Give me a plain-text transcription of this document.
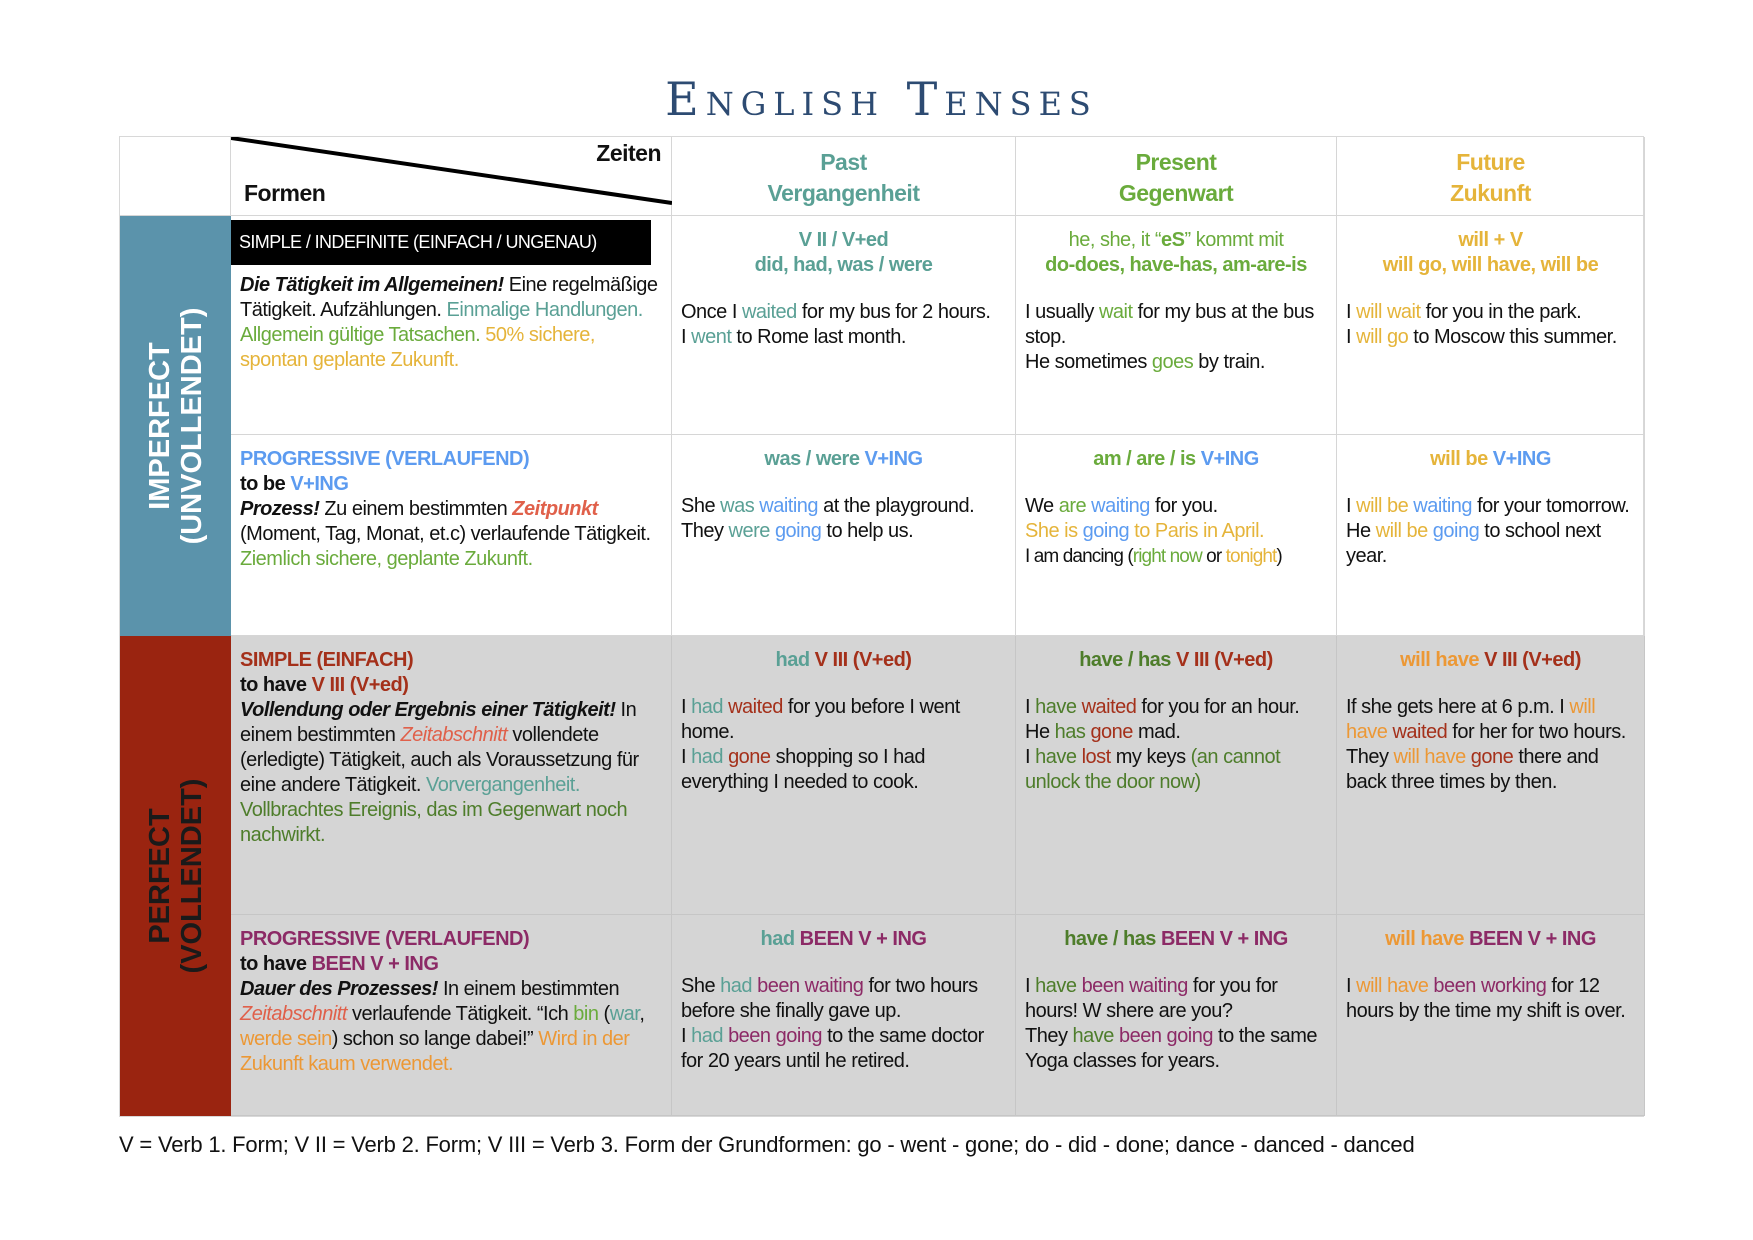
English Tenses
Zeiten
Formen
Past
Vergangenheit
Present
Gegenwart
Future
Zukunft
IMPERFECT (UNVOLLENDET)
PERFECT (VOLLENDET)
SIMPLE / INDEFINITE (EINFACH / UNGENAU)

Die Tätigkeit im Allgemeinen! Eine regelmäßige Tätigkeit. Aufzählungen. Einmalige Handlungen. Allgemein gültige Tatsachen. 50% sichere, spontan geplante Zukunft.

V II / V+ed
did, had, was / were

Once I waited for my bus for 2 hours.

I went to Rome last month.

he, she, it “eS” kommt mit
do-does, have-has, am-are-is

I usually wait for my bus at the bus stop.

He sometimes goes by train.

will + V
will go, will have, will be

I will wait for you in the park.

I will go to Moscow this summer.

PROGRESSIVE (VERLAUFEND)

to be V+ING

Prozess! Zu einem bestimmten Zeitpunkt (Moment, Tag, Monat, et.c) verlaufende Tätigkeit. Ziemlich sichere, geplante Zukunft.

was / were V+ING

She was waiting at the playground.

They were going to help us.

am / are / is V+ING

We are waiting for you.

She is going to Paris in April.

I am dancing (right now or tonight)

will be V+ING

I will be waiting for your tomorrow.

He will be going to school next year.

SIMPLE (EINFACH)

to have V III (V+ed)

Vollendung oder Ergebnis einer Tätigkeit! In einem bestimmten Zeitabschnitt vollendete (erledigte) Tätigkeit, auch als Voraussetzung für eine andere Tätigkeit. Vorvergangenheit. Vollbrachtes Ereignis, das im Gegenwart noch nachwirkt.

had V III (V+ed)

I had waited for you before I went home.

I had gone shopping so I had everything I needed to cook.

have / has V III (V+ed)

I have waited for you for an hour.

He has gone mad.

I have lost my keys (an cannot unlock the door now)

will have V III (V+ed)

If she gets here at 6 p.m. I will have waited for her for two hours.

They will have gone there and back three times by then.

PROGRESSIVE (VERLAUFEND)

to have BEEN V + ING

Dauer des Prozesses! In einem bestimmten Zeitabschnitt verlaufende Tätigkeit. “Ich bin (war, werde sein) schon so lange dabei!” Wird in der Zukunft kaum verwendet.

had BEEN V + ING

She had been waiting for two hours before she finally gave up.

I had been going to the same doctor for 20 years until he retired.

have / has BEEN V + ING

I have been waiting for you for hours! W shere are you?

They have been going to the same Yoga classes for years.

will have BEEN V + ING

I will have been working for 12 hours by the time my shift is over.

V = Verb 1. Form; V II = Verb 2. Form; V III = Verb 3. Form der Grundformen: go - went - gone; do - did - done; dance - danced - danced
